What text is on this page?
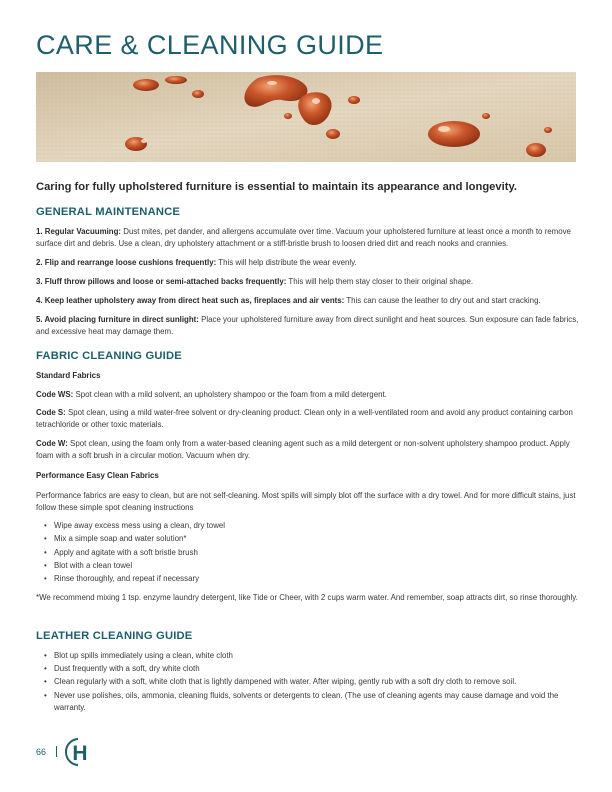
CARE & CLEANING GUIDE
Caring for fully upholstered furniture is essential to maintain its appearance and longevity.
GENERAL MAINTENANCE

1. Regular Vacuuming: Dust mites, pet dander, and allergens accumulate over time. Vacuum your upholstered furniture at least once a month to remove surface dirt and debris. Use a clean, dry upholstery attachment or a stiff-bristle brush to loosen dried dirt and reach nooks and crannies.

2. Flip and rearrange loose cushions frequently: This will help distribute the wear evenly.

3. Fluff throw pillows and loose or semi-attached backs frequently: This will help them stay closer to their original shape.

4. Keep leather upholstery away from direct heat such as, fireplaces and air vents: This can cause the leather to dry out and start cracking.

5. Avoid placing furniture in direct sunlight: Place your upholstered furniture away from direct sunlight and heat sources. Sun exposure can fade fabrics, and excessive heat may damage them.

FABRIC CLEANING GUIDE
Standard Fabrics

Code WS: Spot clean with a mild solvent, an upholstery shampoo or the foam from a mild detergent.

Code S: Spot clean, using a mild water-free solvent or dry-cleaning product. Clean only in a well-ventilated room and avoid any product containing carbon tetrachloride or other toxic materials.

Code W: Spot clean, using the foam only from a water-based cleaning agent such as a mild detergent or non-solvent upholstery shampoo product. Apply foam with a soft brush in a circular motion. Vacuum when dry.

Performance Easy Clean Fabrics

Performance fabrics are easy to clean, but are not self-cleaning. Most spills will simply blot off the surface with a dry towel. And for more difficult stains, just follow these simple spot cleaning instructions

• Wipe away excess mess using a clean, dry towel
• Mix a simple soap and water solution*
• Apply and agitate with a soft bristle brush
• Blot with a clean towel
• Rinse thoroughly, and repeat if necessary

*We recommend mixing 1 tsp. enzyme laundry detergent, like Tide or Cheer, with 2 cups warm water. And remember, soap attracts dirt, so rinse thoroughly.

LEATHER CLEANING GUIDE
• Blot up spills immediately using a clean, white cloth
• Dust frequently with a soft, dry white cloth
• Clean regularly with a soft, white cloth that is lightly dampened with water. After wiping, gently rub with a soft dry cloth to remove soil.
• Never use polishes, oils, ammonia, cleaning fluids, solvents or detergents to clean. (The use of cleaning agents may cause damage and void the warranty.
66 H
